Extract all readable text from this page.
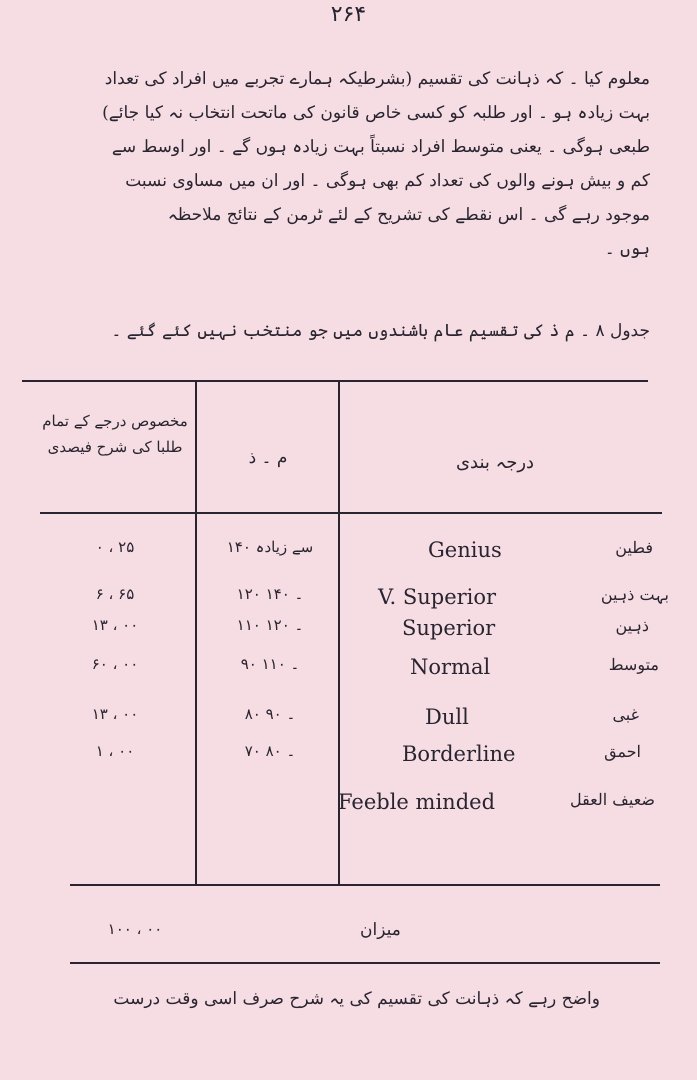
۲۶۴

معلوم کیا ۔ کہ ذہانت کی تقسیم (بشرطیکہ ہمارے تجربے میں افراد کی تعداد

بہت زیادہ ہو ۔ اور طلبہ کو کسی خاص قانون کی ماتحت انتخاب نہ کیا جائے)

طبعی ہوگی ۔ یعنی متوسط افراد نسبتاً بہت زیادہ ہوں گے ۔ اور اوسط سے

کم و بیش ہونے والوں کی تعداد کم بھی ہوگی ۔ اور ان میں مساوی نسبت

موجود رہے گی ۔ اس نقطے کی تشریح کے لئے ٹرمن کے نتائج ملاحظہ

ہوں ۔

جدول ۸ ۔ م ذ کی تقسیم عام باشندوں میں جو منتخب نہیں کئے گئے ۔
مخصوص درجے کے تمام طلبا کی شرح فیصدی
م ۔ ذ	درجہ بندی
فطین
Genius
۱۴۰ سے زیادہ
۰ ، ۲۵
بہت ذہین
V. Superior
۱۲۰ ۔ ۱۴۰
۶ ، ۶۵
ذہین
Superior
۱۱۰ ۔ ۱۲۰
۱۳ ، ۰۰
متوسط
Normal
۹۰ ۔ ۱۱۰
۶۰ ، ۰۰
غبی
Dull
۸۰ ۔ ۹۰
۱۳ ، ۰۰
احمق
Borderline
۷۰ ۔ ۸۰
۱ ، ۰۰
ضعیف العقل
Feeble minded
میزان
۱۰۰ ، ۰۰
واضح رہے کہ ذہانت کی تقسیم کی یہ شرح صرف اسی وقت درست
